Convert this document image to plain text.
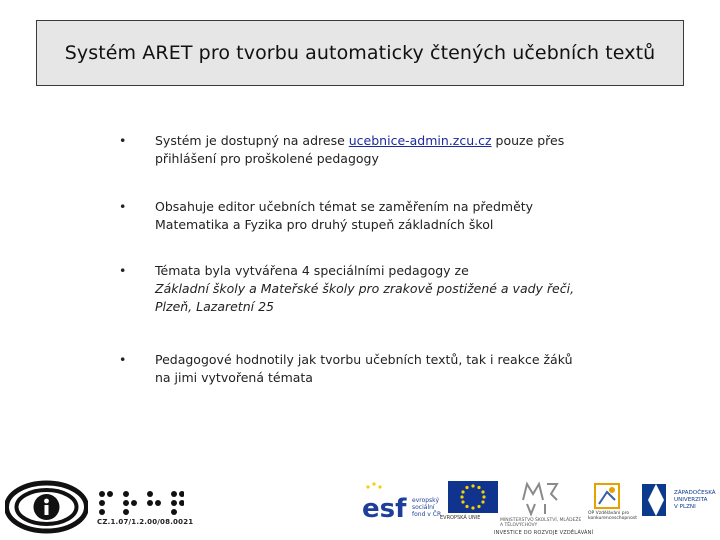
Systém ARET pro tvorbu automaticky čtených učebních textů
• Systém je dostupný na adrese ucebnice-admin.zcu.cz pouze přes přihlášení pro proškolené pedagogy
• Obsahuje editor učebních témat se zaměřením na předměty Matematika a Fyzika pro druhý stupeň základních škol
• Témata byla vytvářena 4 speciálními pedagogy ze
Základní školy a Mateřské školy pro zrakově postižené a vady řeči, Plzeň, Lazaretní 25
• Pedagogové hodnotily jak tvorbu učebních textů, tak i reakce žáků na jimi vytvořená témata
CZ.1.07/1.2.00/08.0021	esf evropský
sociální
fond v ČR
EVROPSKÁ UNIE	MINISTERSTVO ŠKOLSTVÍ, MLÁDEŽE A TĚLOVÝCHOVY
OP Vzdělávání pro konkurenceschopnost
ZÁPADOČESKÁ
UNIVERZITA
V PLZNI
INVESTICE DO ROZVOJE VZDĚLÁVÁNÍ
